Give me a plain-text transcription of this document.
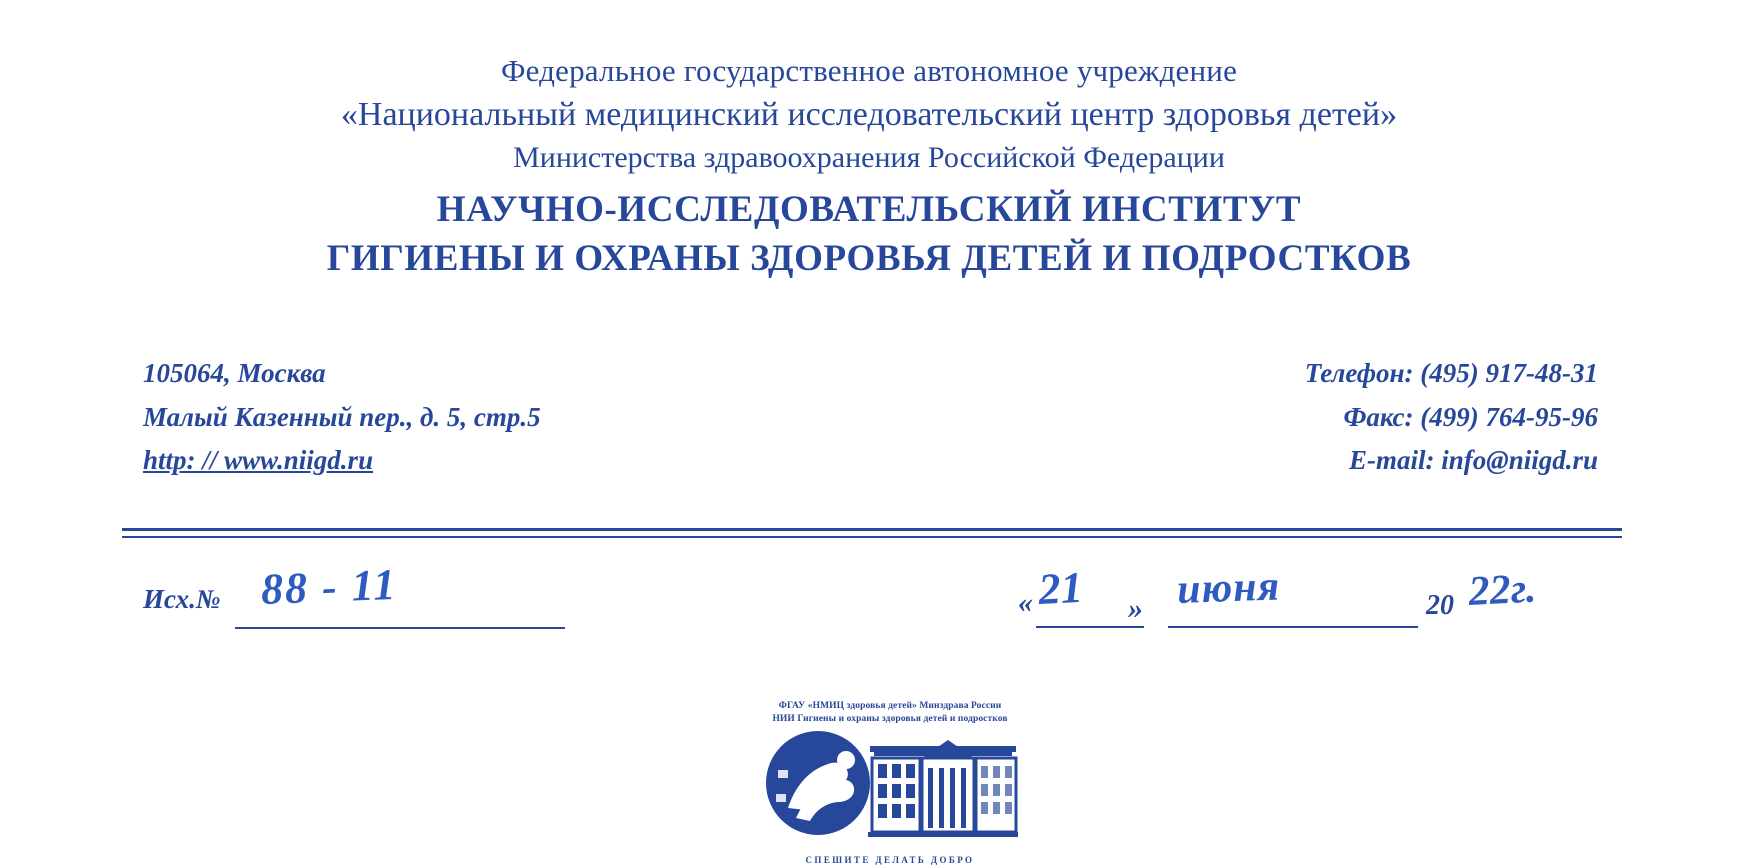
Федеральное государственное автономное учреждение
«Национальный медицинский исследовательский центр здоровья детей»
Министерства здравоохранения Российской Федерации
НАУЧНО-ИССЛЕДОВАТЕЛЬСКИЙ ИНСТИТУТ
ГИГИЕНЫ И ОХРАНЫ ЗДОРОВЬЯ ДЕТЕЙ И ПОДРОСТКОВ
105064, Москва
Малый Казенный пер., д. 5, стр.5
http: // www.niigd.ru
ФГАУ «НМИЦ здоровья детей» Минздрава России
НИИ Гигиены и охраны здоровья детей и подростков
СПЕШИТЕ ДЕЛАТЬ ДОБРО
Телефон: (495) 917-48-31
Факс: (499) 764-95-96
E-mail: info@niigd.ru
Исх.№ 88 - 11	« 21 » июня	20 22г.
